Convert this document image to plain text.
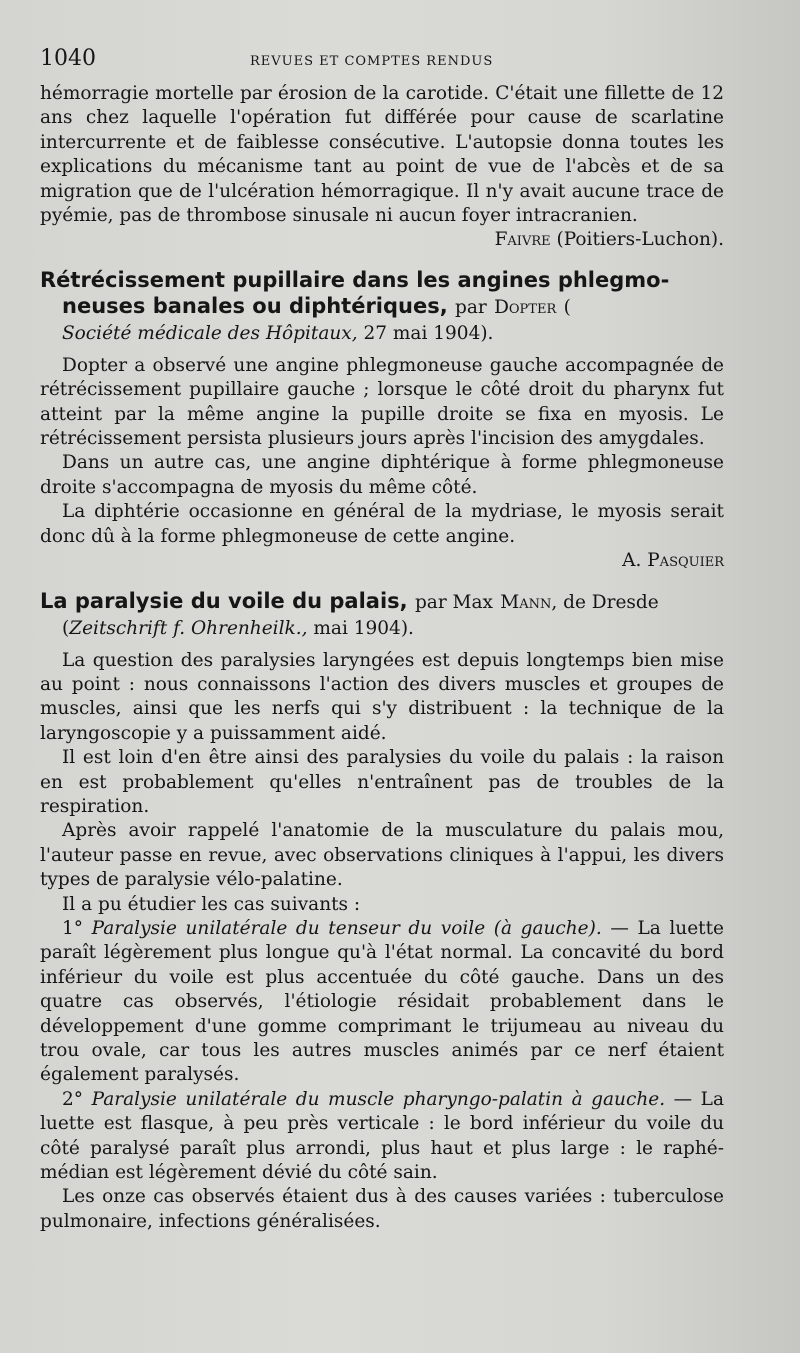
1040	REVUES ET COMPTES RENDUS

hémorragie mortelle par érosion de la carotide. C'était une fillette de 12 ans chez laquelle l'opération fut différée pour cause de scarlatine intercurrente et de faiblesse consécutive. L'autopsie donna toutes les explications du mécanisme tant au point de vue de l'abcès et de sa migration que de l'ulcération hémorragique. Il n'y avait aucune trace de pyémie, pas de thrombose sinusale ni aucun foyer intracranien.

Faivre (Poitiers-Luchon).

Rétrécissement pupillaire dans les angines phlegmo-
neuses banales ou diphtériques, par Dopter (
Société médicale des Hôpitaux, 27 mai 1904).

Dopter a observé une angine phlegmoneuse gauche accompagnée de rétrécissement pupillaire gauche ; lorsque le côté droit du pharynx fut atteint par la même angine la pupille droite se fixa en myosis. Le rétrécissement persista plusieurs jours après l'incision des amygdales.

Dans un autre cas, une angine diphtérique à forme phlegmoneuse droite s'accompagna de myosis du même côté.

La diphtérie occasionne en général de la mydriase, le myosis serait donc dû à la forme phlegmoneuse de cette angine.

A. Pasquier

La paralysie du voile du palais, par Max Mann, de Dresde
(Zeitschrift f. Ohrenheilk., mai 1904).

La question des paralysies laryngées est depuis longtemps bien mise au point : nous connaissons l'action des divers muscles et groupes de muscles, ainsi que les nerfs qui s'y distribuent : la technique de la laryngoscopie y a puissamment aidé.

Il est loin d'en être ainsi des paralysies du voile du palais : la raison en est probablement qu'elles n'entraînent pas de troubles de la respiration.

Après avoir rappelé l'anatomie de la musculature du palais mou, l'auteur passe en revue, avec observations cliniques à l'appui, les divers types de paralysie vélo-palatine.

Il a pu étudier les cas suivants :

1° Paralysie unilatérale du tenseur du voile (à gauche). — La luette paraît légèrement plus longue qu'à l'état normal. La concavité du bord inférieur du voile est plus accentuée du côté gauche. Dans un des quatre cas observés, l'étiologie résidait probablement dans le développement d'une gomme comprimant le trijumeau au niveau du trou ovale, car tous les autres muscles animés par ce nerf étaient également paralysés.

2° Paralysie unilatérale du muscle pharyngo-palatin à gauche. — La luette est flasque, à peu près verticale : le bord inférieur du voile du côté paralysé paraît plus arrondi, plus haut et plus large : le raphé-médian est légèrement dévié du côté sain.

Les onze cas observés étaient dus à des causes variées : tuberculose pulmonaire, infections généralisées.
